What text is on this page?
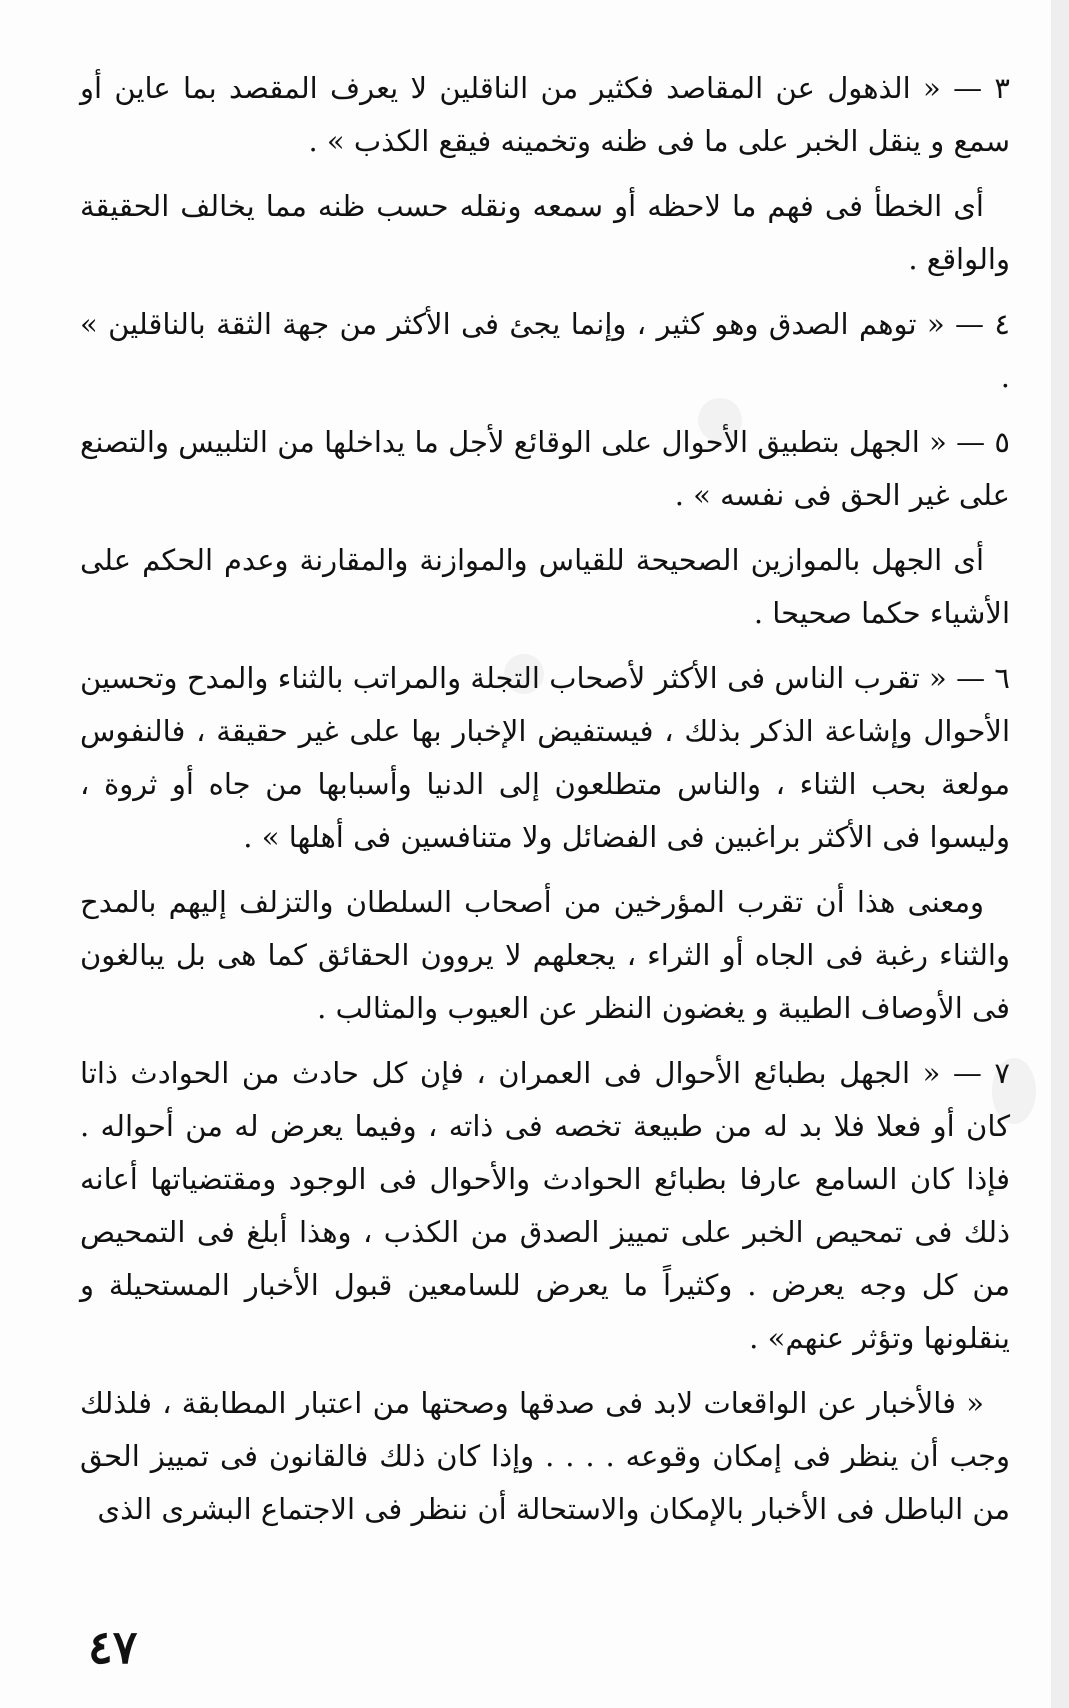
٣ — « الذهول عن المقاصد فكثير من الناقلين لا يعرف المقصد بما عاين أو سمع و ينقل الخبر على ما فى ظنه وتخمينه فيقع الكذب » .

أى الخطأ فى فهم ما لاحظه أو سمعه ونقله حسب ظنه مما يخالف الحقيقة والواقع .

٤ — « توهم الصدق وهو كثير ، وإنما يجئ فى الأكثر من جهة الثقة بالناقلين » .

٥ — « الجهل بتطبيق الأحوال على الوقائع لأجل ما يداخلها من التلبيس والتصنع على غير الحق فى نفسه » .

أى الجهل بالموازين الصحيحة للقياس والموازنة والمقارنة وعدم الحكم على الأشياء حكما صحيحا .

٦ — « تقرب الناس فى الأكثر لأصحاب التجلة والمراتب بالثناء والمدح وتحسين الأحوال وإشاعة الذكر بذلك ، فيستفيض الإخبار بها على غير حقيقة ، فالنفوس مولعة بحب الثناء ، والناس متطلعون إلى الدنيا وأسبابها من جاه أو ثروة ، وليسوا فى الأكثر براغبين فى الفضائل ولا متنافسين فى أهلها » .

ومعنى هذا أن تقرب المؤرخين من أصحاب السلطان والتزلف إليهم بالمدح والثناء رغبة فى الجاه أو الثراء ، يجعلهم لا يروون الحقائق كما هى بل يبالغون فى الأوصاف الطيبة و يغضون النظر عن العيوب والمثالب .

٧ — « الجهل بطبائع الأحوال فى العمران ، فإن كل حادث من الحوادث ذاتا كان أو فعلا فلا بد له من طبيعة تخصه فى ذاته ، وفيما يعرض له من أحواله . فإذا كان السامع عارفا بطبائع الحوادث والأحوال فى الوجود ومقتضياتها أعانه ذلك فى تمحيص الخبر على تمييز الصدق من الكذب ، وهذا أبلغ فى التمحيص من كل وجه يعرض . وكثيراً ما يعرض للسامعين قبول الأخبار المستحيلة و ينقلونها وتؤثر عنهم» .

« فالأخبار عن الواقعات لابد فى صدقها وصحتها من اعتبار المطابقة ، فلذلك وجب أن ينظر فى إمكان وقوعه . . . . وإذا كان ذلك فالقانون فى تمييز الحق من الباطل فى الأخبار بالإمكان والاستحالة أن ننظر فى الاجتماع البشرى الذى

٤٧
